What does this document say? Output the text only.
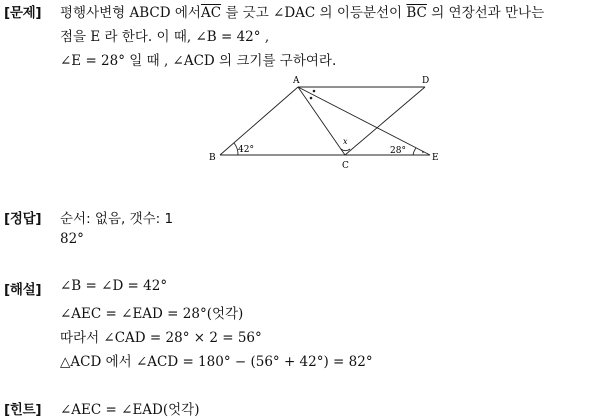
[문제] 평행사변형 ABCD 에서$\overline{AC}$ 를 긋고 ∠DAC 의 이등분선이 $\overline{BC}$ 의 연장선과 만나는
점을 E 라 한다. 이 때, ∠B = 42° ,
∠E = 28° 일 때 , ∠ACD 의 크기를 구하여라.
A	D
B
C
E
42°	28°
x
[정답] 순서: 없음, 갯수: 1
82°
[해설] ∠B = ∠D = 42°
∠AEC = ∠EAD = 28°(엇각)
따라서 ∠CAD = 28° × 2 = 56°
△ACD 에서 ∠ACD = 180° − (56° + 42°) = 82°
[힌트] ∠AEC = ∠EAD(엇각)
